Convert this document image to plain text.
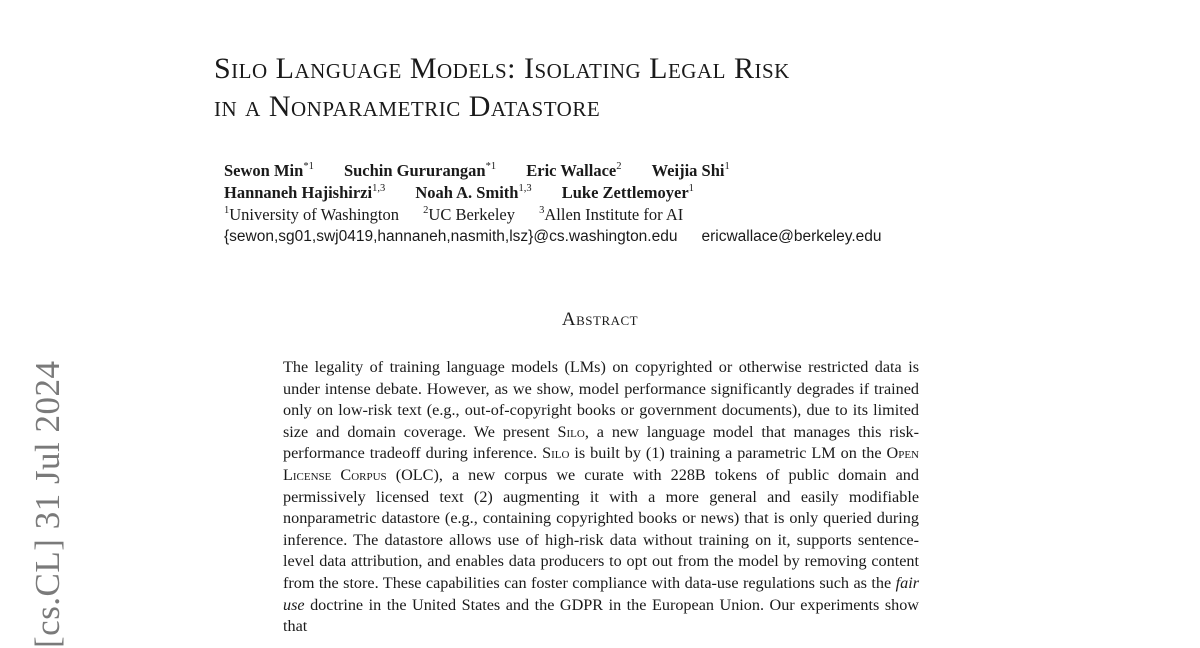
[cs.CL] 31 Jul 2024
Silo Language Models: Isolating Legal Risk
in a Nonparametric Datastore
Sewon Min$^{*1}$ Suchin Gururangan$^{*1}$ Eric Wallace$^2$ Weijia Shi$^1$
Hannaneh Hajishirzi$^{1,3}$ Noah A. Smith$^{1,3}$ Luke Zettlemoyer$^1$
$^1$University of Washington $^2$UC Berkeley $^3$Allen Institute for AI
{sewon,sg01,swj0419,hannaneh,nasmith,lsz}@cs.washington.edu ericwallace@berkeley.edu
Abstract
The legality of training language models (LMs) on copyrighted or otherwise restricted data is under intense debate. However, as we show, model performance significantly degrades if trained only on low-risk text (e.g., out-of-copyright books or government documents), due to its limited size and domain coverage. We present Silo, a new language model that manages this risk-performance tradeoff during inference. Silo is built by (1) training a parametric LM on the Open License Corpus (OLC), a new corpus we curate with 228B tokens of public domain and permissively licensed text (2) augmenting it with a more general and easily modifiable nonparametric datastore (e.g., containing copyrighted books or news) that is only queried during inference. The datastore allows use of high-risk data without training on it, supports sentence-level data attribution, and enables data producers to opt out from the model by removing content from the store. These capabilities can foster compliance with data-use regulations such as the fair use doctrine in the United States and the GDPR in the European Union. Our experiments show that
